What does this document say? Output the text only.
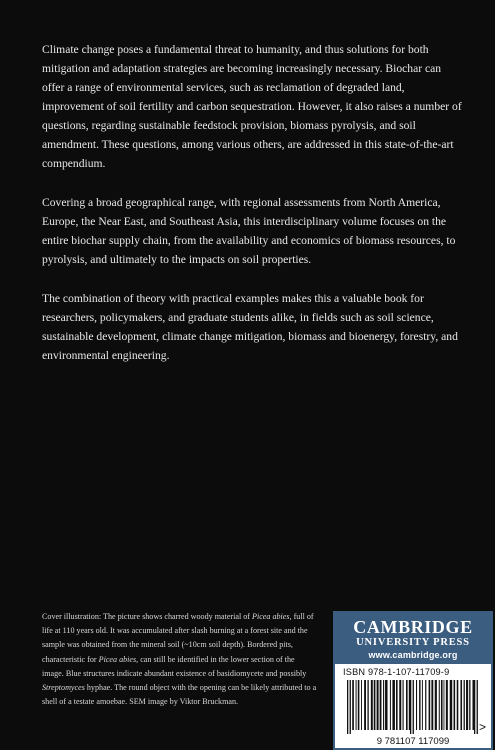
Climate change poses a fundamental threat to humanity, and thus solutions for both mitigation and adaptation strategies are becoming increasingly necessary. Biochar can offer a range of environmental services, such as reclamation of degraded land, improvement of soil fertility and carbon sequestration. However, it also raises a number of questions, regarding sustainable feedstock provision, biomass pyrolysis, and soil amendment. These questions, among various others, are addressed in this state-of-the-art compendium.

Covering a broad geographical range, with regional assessments from North America, Europe, the Near East, and Southeast Asia, this interdisciplinary volume focuses on the entire biochar supply chain, from the availability and economics of biomass resources, to pyrolysis, and ultimately to the impacts on soil properties.

The combination of theory with practical examples makes this a valuable book for researchers, policymakers, and graduate students alike, in fields such as soil science, sustainable development, climate change mitigation, biomass and bioenergy, forestry, and environmental engineering.

Cover illustration: The picture shows charred woody material of Picea abies, full of life at 110 years old. It was accumulated after slash burning at a forest site and the sample was obtained from the mineral soil (~10cm soil depth). Bordered pits, characteristic for Picea abies, can still be identified in the lower section of the image. Blue structures indicate abundant existence of basidiomycete and possibly Streptomyces hyphae. The round object with the opening can be likely attributed to a shell of a testate amoebae. SEM image by Viktor Bruckman.
CAMBRIDGE
UNIVERSITY PRESS
www.cambridge.org
ISBN 978-1-107-11709-9
>
9 781107 117099
